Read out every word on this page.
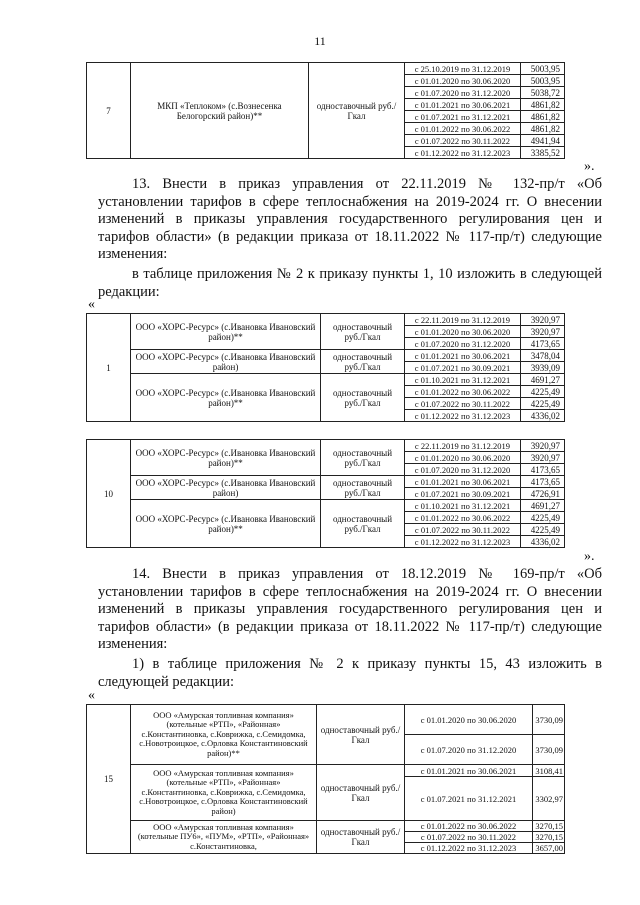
11
7	МКП «Теплоком» (с.Вознесенка Белогорский район)**	одноставочный руб./Гкал	с 25.10.2019 по 31.12.2019	5003,95
			с 01.01.2020 по 30.06.2020	5003,95
			с 01.07.2020 по 31.12.2020	5038,72
			с 01.01.2021 по 30.06.2021	4861,82
			с 01.07.2021 по 31.12.2021	4861,82
			с 01.01.2022 по 30.06.2022	4861,82
			с 01.07.2022 по 30.11.2022	4941,94
			с 01.12.2022 по 31.12.2023	3385,52
».
13. Внести в приказ управления от 22.11.2019 № 132-пр/т «Об установлении тарифов в сфере теплоснабжения на 2019-2024 гг. О внесении изменений в приказы управления государственного регулирования цен и тарифов области» (в редакции приказа от 18.11.2022 № 117-пр/т) следующие изменения:
в таблице приложения № 2 к приказу пункты 1, 10 изложить в следующей редакции:
«
1	ООО «ХОРС-Ресурс» (с.Ивановка Ивановский район)**	одноставочный руб./Гкал	с 22.11.2019 по 31.12.2019	3920,97
			с 01.01.2020 по 30.06.2020	3920,97
			с 01.07.2020 по 31.12.2020	4173,65
	ООО «ХОРС-Ресурс» (с.Ивановка Ивановский район)	одноставочный руб./Гкал	с 01.01.2021 по 30.06.2021	3478,04
			с 01.07.2021 по 30.09.2021	3939,09
	ООО «ХОРС-Ресурс» (с.Ивановка Ивановский район)**	одноставочный руб./Гкал	с 01.10.2021 по 31.12.2021	4691,27
			с 01.01.2022 по 30.06.2022	4225,49
			с 01.07.2022 по 30.11.2022	4225,49
			с 01.12.2022 по 31.12.2023	4336,02
10	ООО «ХОРС-Ресурс» (с.Ивановка Ивановский район)**	одноставочный руб./Гкал	с 22.11.2019 по 31.12.2019	3920,97
			с 01.01.2020 по 30.06.2020	3920,97
			с 01.07.2020 по 31.12.2020	4173,65
	ООО «ХОРС-Ресурс» (с.Ивановка Ивановский район)	одноставочный руб./Гкал	с 01.01.2021 по 30.06.2021	4173,65
			с 01.07.2021 по 30.09.2021	4726,91
	ООО «ХОРС-Ресурс» (с.Ивановка Ивановский район)**	одноставочный руб./Гкал	с 01.10.2021 по 31.12.2021	4691,27
			с 01.01.2022 по 30.06.2022	4225,49
			с 01.07.2022 по 30.11.2022	4225,49
			с 01.12.2022 по 31.12.2023	4336,02
».
14. Внести в приказ управления от 18.12.2019 № 169-пр/т «Об установлении тарифов в сфере теплоснабжения на 2019-2024 гг. О внесении изменений в приказы управления государственного регулирования цен и тарифов области» (в редакции приказа от 18.11.2022 № 117-пр/т) следующие изменения:
1) в таблице приложения № 2 к приказу пункты 15, 43 изложить в следующей редакции:
«
15	ООО «Амурская топливная компания» (котельные «РТП», «Районная» с.Константиновка, с.Коврижка, с.Семидомка, с.Новотроицкое, с.Орловка Константиновский район)**	одноставочный руб./Гкал	с 01.01.2020 по 30.06.2020	3730,09
			с 01.07.2020 по 31.12.2020	3730,09
	ООО «Амурская топливная компания» (котельные «РТП», «Районная» с.Константиновка, с.Коврижка, с.Семидомка, с.Новотроицкое, с.Орловка Константиновский район)	одноставочный руб./Гкал	с 01.01.2021 по 30.06.2021	3108,41
			с 01.07.2021 по 31.12.2021	3302,97
	ООО «Амурская топливная компания» (котельные ПУ6», «ПУМ», «РТП», «Районная» с.Константиновка,	одноставочный руб./Гкал	с 01.01.2022 по 30.06.2022	3270,15
			с 01.07.2022 по 30.11.2022	3270,15
			с 01.12.2022 по 31.12.2023	3657,00
